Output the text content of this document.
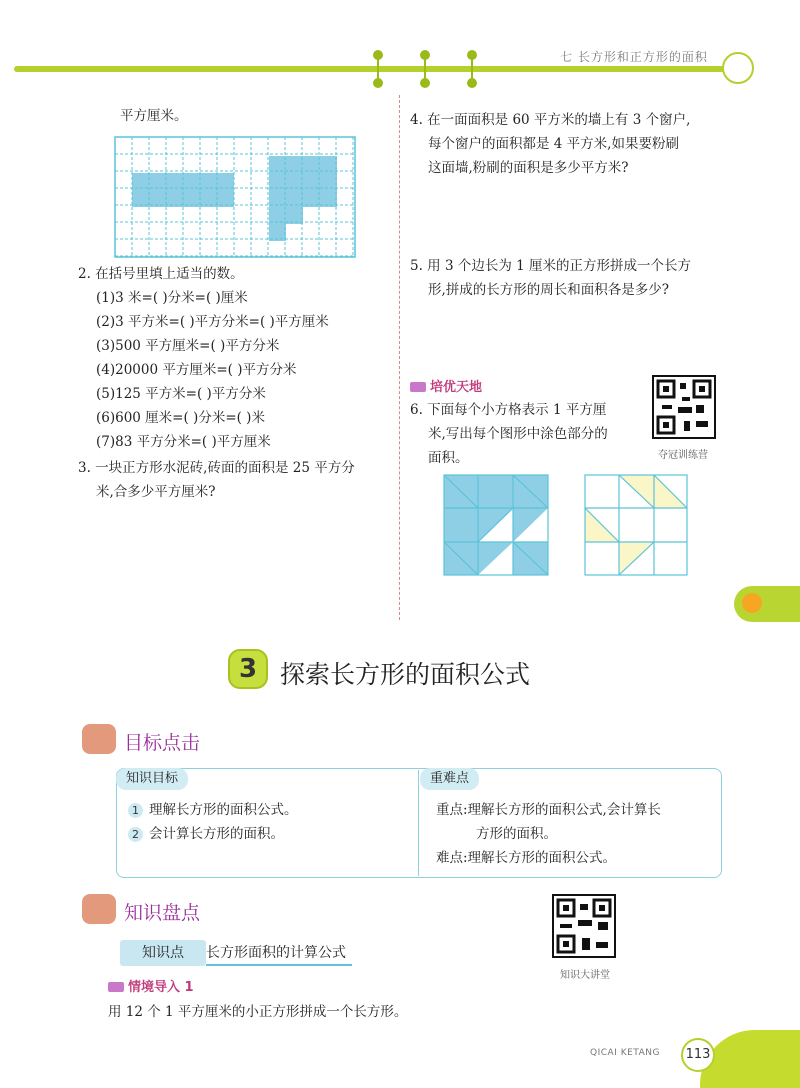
七 长方形和正方形的面积
平方厘米。
2. 在括号里填上适当的数。
(1)3 米=( )分米=( )厘米
(2)3 平方米=( )平方分米=( )平方厘米
(3)500 平方厘米=( )平方分米
(4)20000 平方厘米=( )平方分米
(5)125 平方米=( )平方分米
(6)600 厘米=( )分米=( )米
(7)83 平方分米=( )平方厘米
3. 一块正方形水泥砖,砖面的面积是 25 平方分
米,合多少平方厘米?
4. 在一面面积是 60 平方米的墙上有 3 个窗户,
每个窗户的面积都是 4 平方米,如果要粉刷
这面墙,粉刷的面积是多少平方米?
5. 用 3 个边长为 1 厘米的正方形拼成一个长方
形,拼成的长方形的周长和面积各是多少?
培优天地
6. 下面每个小方格表示 1 平方厘
米,写出每个图形中涂色部分的
面积。	夺冠训练营
3 探索长方形的面积公式
目标点击
知识目标	重难点
1 理解长方形的面积公式。
2 会计算长方形的面积。
重点:理解长方形的面积公式,会计算长
方形的面积。
难点:理解长方形的面积公式。
知识盘点
知识点	长方形面积的计算公式
知识大讲堂
情境导入 1
用 12 个 1 平方厘米的小正方形拼成一个长方形。
QICAI KETANG	113
